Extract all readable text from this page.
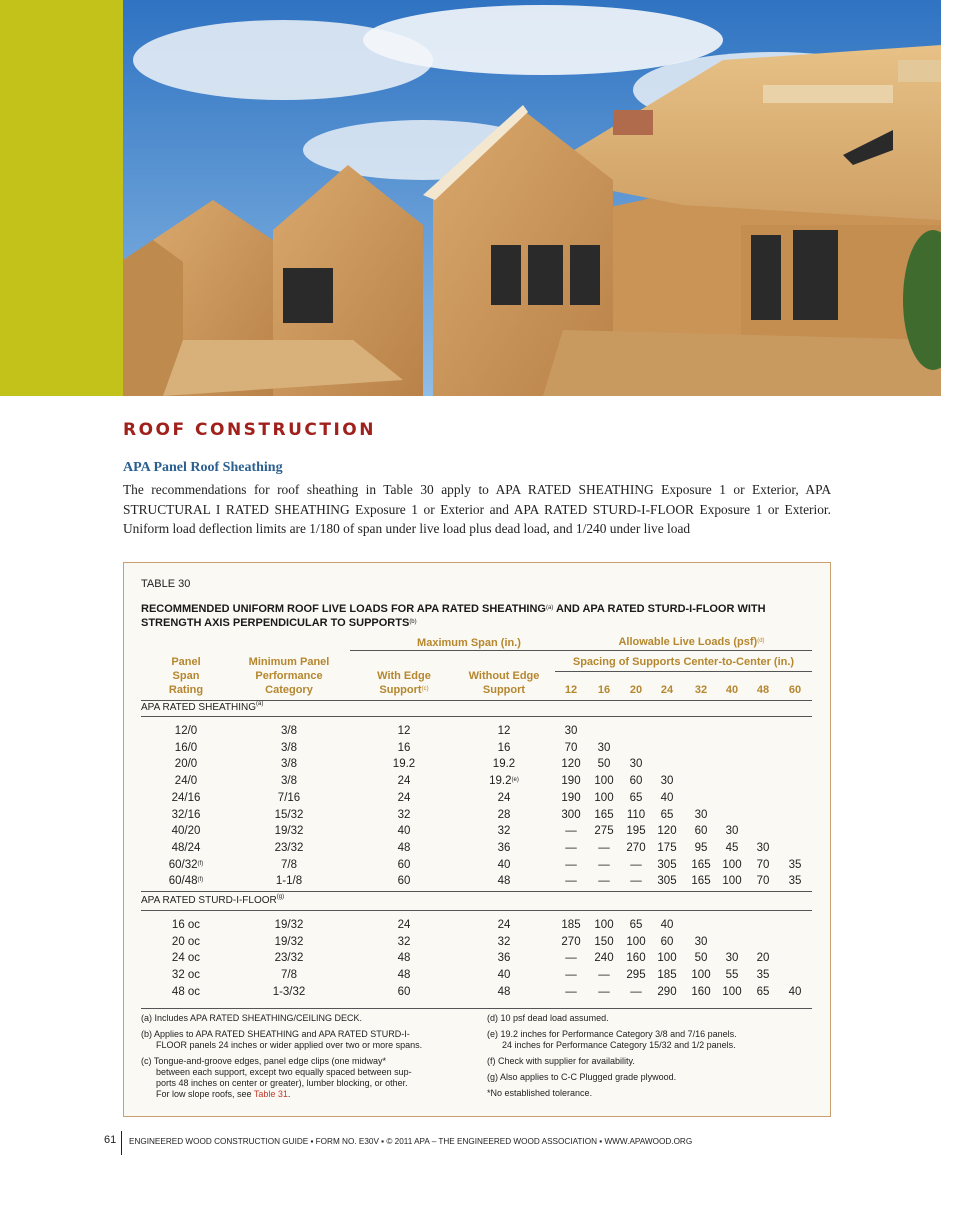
ROOF CONSTRUCTION
APA Panel Roof Sheathing

The recommendations for roof sheathing in Table 30 apply to APA RATED SHEATHING Exposure 1 or Exterior, APA STRUCTURAL I RATED SHEATHING Exposure 1 or Exterior and APA RATED STURD-I-FLOOR Exposure 1 or Exterior. Uniform load deflection limits are 1/180 of span under live load plus dead load, and 1/240 under live load

TABLE 30
RECOMMENDED UNIFORM ROOF LIVE LOADS FOR APA RATED SHEATHING$^{(a)}$ AND APA RATED STURD-I-FLOOR WITH STRENGTH AXIS PERPENDICULAR TO SUPPORTS$^{(b)}$
Maximum Span (in.)	Allowable Live Loads (psf)$^{(d)}$
Spacing of Supports Center-to-Center (in.)
Panel
Span
Rating
Minimum Panel
Performance
Category
With Edge
Support$^{(c)}$
Without Edge
Support	12	16	20	24	32	40	48	60
APA RATED SHEATHING$^{(a)}$
12/0	3/8	12	12	30
16/0	3/8	16	16	70	30
20/0	3/8	19.2	19.2	120	50	30
24/0	3/8	24	19.2$^{(e)}$	190	100	60	30
24/16	7/16	24	24	190	100	65	40
32/16	15/32	32	28	300	165	110	65	30
40/20	19/32	40	32	—	275	195	120	60	30
48/24	23/32	48	36	—	—	270	175	95	45	30
60/32$^{(f)}$	7/8	60	40	—	—	—	305	165	100	70	35
60/48$^{(f)}$	1-1/8	60	48	—	—	—	305	165	100	70	35
APA RATED STURD-I-FLOOR$^{(g)}$
16 oc	19/32	24	24	185	100	65	40
20 oc	19/32	32	32	270	150	100	60	30
24 oc	23/32	48	36	—	240	160	100	50	30	20
32 oc	7/8	48	40	—	—	295	185	100	55	35
48 oc	1-3/32	60	48	—	—	—	290	160	100	65	40
(a) Includes APA RATED SHEATHING/CEILING DECK.
(b) Applies to APA RATED SHEATHING and APA RATED STURD-I-
FLOOR panels 24 inches or wider applied over two or more spans.
(c) Tongue-and-groove edges, panel edge clips (one midway*
between each support, except two equally spaced between sup-
ports 48 inches on center or greater), lumber blocking, or other.
For low slope roofs, see Table 31.
(d) 10 psf dead load assumed.
(e) 19.2 inches for Performance Category 3/8 and 7/16 panels.
24 inches for Performance Category 15/32 and 1/2 panels.
(f) Check with supplier for availability.
(g) Also applies to C-C Plugged grade plywood.
*No established tolerance.
61 ENGINEERED WOOD CONSTRUCTION GUIDE ▪ FORM NO. E30V ▪ © 2011 APA – THE ENGINEERED WOOD ASSOCIATION ▪ WWW.APAWOOD.ORG
